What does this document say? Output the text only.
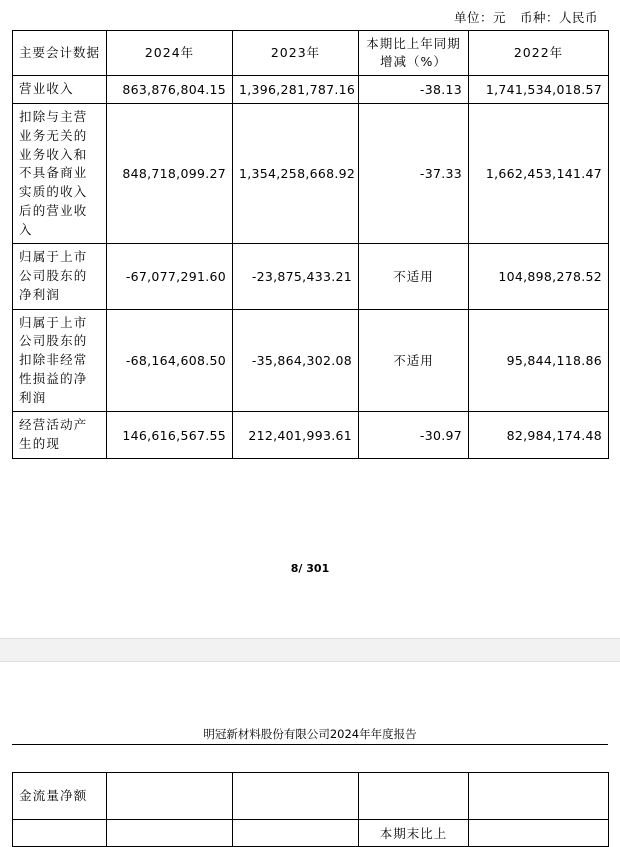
单位：元 币种：人民币
主要会计数据	2024年	2023年	本期比上年同期增减（%）	2022年
营业收入	863,876,804.15	1,396,281,787.16	-38.13	1,741,534,018.57
扣除与主营业务无关的业务收入和不具备商业实质的收入后的营业收入	848,718,099.27	1,354,258,668.92	-37.33	1,662,453,141.47
归属于上市公司股东的净利润	-67,077,291.60	-23,875,433.21	不适用	104,898,278.52
归属于上市公司股东的扣除非经常性损益的净利润	-68,164,608.50	-35,864,302.08	不适用	95,844,118.86
经营活动产生的现	146,616,567.55	212,401,993.61	-30.97	82,984,174.48
8/ 301
明冠新材料股份有限公司2024年年度报告
金流量净额				
			本期末比上	
